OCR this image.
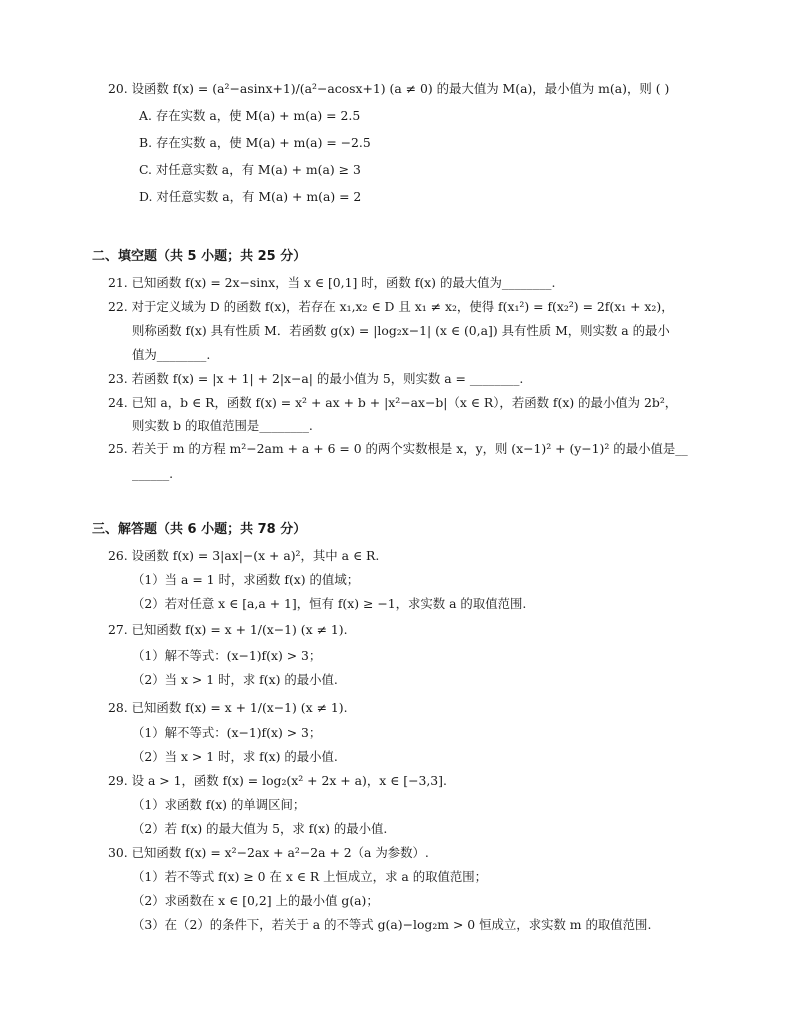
20. 设函数 f(x) = (a²−asinx+1)/(a²−acosx+1) (a ≠ 0) 的最大值为 M(a)，最小值为 m(a)，则 ( )
A. 存在实数 a，使 M(a) + m(a) = 2.5
B. 存在实数 a，使 M(a) + m(a) = −2.5
C. 对任意实数 a，有 M(a) + m(a) ≥ 3
D. 对任意实数 a，有 M(a) + m(a) = 2
二、填空题（共 5 小题；共 25 分）
21. 已知函数 f(x) = 2x−sinx，当 x ∈ [0,1] 时，函数 f(x) 的最大值为________.
22. 对于定义域为 D 的函数 f(x)，若存在 x₁,x₂ ∈ D 且 x₁ ≠ x₂，使得 f(x₁²) = f(x₂²) = 2f(x₁ + x₂)，
则称函数 f(x) 具有性质 M．若函数 g(x) = |log₂x−1| (x ∈ (0,a]) 具有性质 M，则实数 a 的最小
值为________.
23. 若函数 f(x) = |x + 1| + 2|x−a| 的最小值为 5，则实数 a = ________.
24. 已知 a，b ∈ R，函数 f(x) = x² + ax + b + |x²−ax−b|（x ∈ R），若函数 f(x) 的最小值为 2b²，
则实数 b 的取值范围是________.
25. 若关于 m 的方程 m²−2am + a + 6 = 0 的两个实数根是 x，y，则 (x−1)² + (y−1)² 的最小值是__
______.
三、解答题（共 6 小题；共 78 分）
26. 设函数 f(x) = 3|ax|−(x + a)²，其中 a ∈ R.
（1）当 a = 1 时，求函数 f(x) 的值域；
（2）若对任意 x ∈ [a,a + 1]，恒有 f(x) ≥ −1，求实数 a 的取值范围.
27. 已知函数 f(x) = x + 1/(x−1) (x ≠ 1).
（1）解不等式：(x−1)f(x) > 3；
（2）当 x > 1 时，求 f(x) 的最小值.
28. 已知函数 f(x) = x + 1/(x−1) (x ≠ 1).
（1）解不等式：(x−1)f(x) > 3；
（2）当 x > 1 时，求 f(x) 的最小值.
29. 设 a > 1，函数 f(x) = log₂(x² + 2x + a)，x ∈ [−3,3].
（1）求函数 f(x) 的单调区间；
（2）若 f(x) 的最大值为 5，求 f(x) 的最小值.
30. 已知函数 f(x) = x²−2ax + a²−2a + 2（a 为参数）.
（1）若不等式 f(x) ≥ 0 在 x ∈ R 上恒成立，求 a 的取值范围；
（2）求函数在 x ∈ [0,2] 上的最小值 g(a)；
（3）在（2）的条件下，若关于 a 的不等式 g(a)−log₂m > 0 恒成立，求实数 m 的取值范围.
